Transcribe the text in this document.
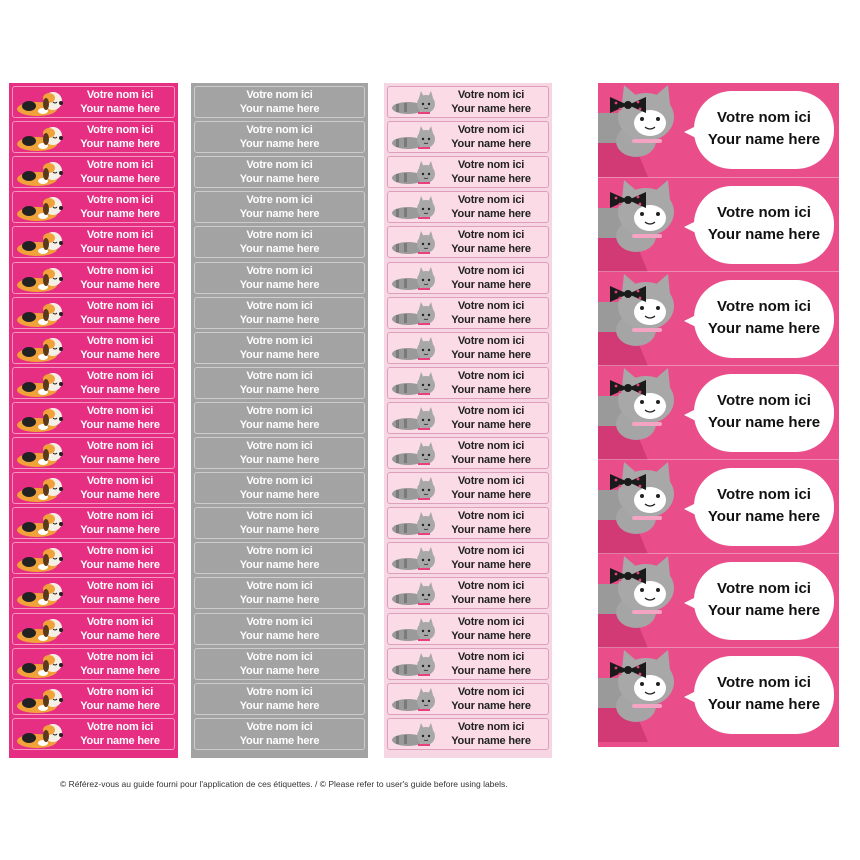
Votre nom ici
Your name here
Votre nom ici
Your name here
Votre nom ici
Your name here
Votre nom ici
Your name here
Votre nom ici
Your name here
Votre nom ici
Your name here
Votre nom ici
Your name here
Votre nom ici
Your name here
Votre nom ici
Your name here
Votre nom ici
Your name here
Votre nom ici
Your name here
Votre nom ici
Your name here
Votre nom ici
Your name here
Votre nom ici
Your name here
Votre nom ici
Your name here
Votre nom ici
Your name here
Votre nom ici
Your name here
Votre nom ici
Your name here
Votre nom ici
Your name here
Votre nom ici
Your name here
Votre nom ici
Your name here
Votre nom ici
Your name here
Votre nom ici
Your name here
Votre nom ici
Your name here
Votre nom ici
Your name here
Votre nom ici
Your name here
Votre nom ici
Your name here
Votre nom ici
Your name here
Votre nom ici
Your name here
Votre nom ici
Your name here
Votre nom ici
Your name here
Votre nom ici
Your name here
Votre nom ici
Your name here
Votre nom ici
Your name here
Votre nom ici
Your name here
Votre nom ici
Your name here
Votre nom ici
Your name here
Votre nom ici
Your name here
Votre nom ici
Your name here
Votre nom ici
Your name here
Votre nom ici
Your name here
Votre nom ici
Your name here
Votre nom ici
Your name here
Votre nom ici
Your name here
Votre nom ici
Your name here
Votre nom ici
Your name here
Votre nom ici
Your name here
Votre nom ici
Your name here
Votre nom ici
Your name here
Votre nom ici
Your name here
Votre nom ici
Your name here
Votre nom ici
Your name here
Votre nom ici
Your name here
Votre nom ici
Your name here
Votre nom ici
Your name here
Votre nom ici
Your name here
Votre nom ici
Your name here
Votre nom ici
Your name here
Votre nom ici
Your name here
Votre nom ici
Your name here
Votre nom ici
Your name here
Votre nom ici
Your name here
Votre nom ici
Your name here
Votre nom ici
Your name here
© Référez-vous au guide fourni pour l'application de ces étiquettes. / © Please refer to user's guide before using labels.
